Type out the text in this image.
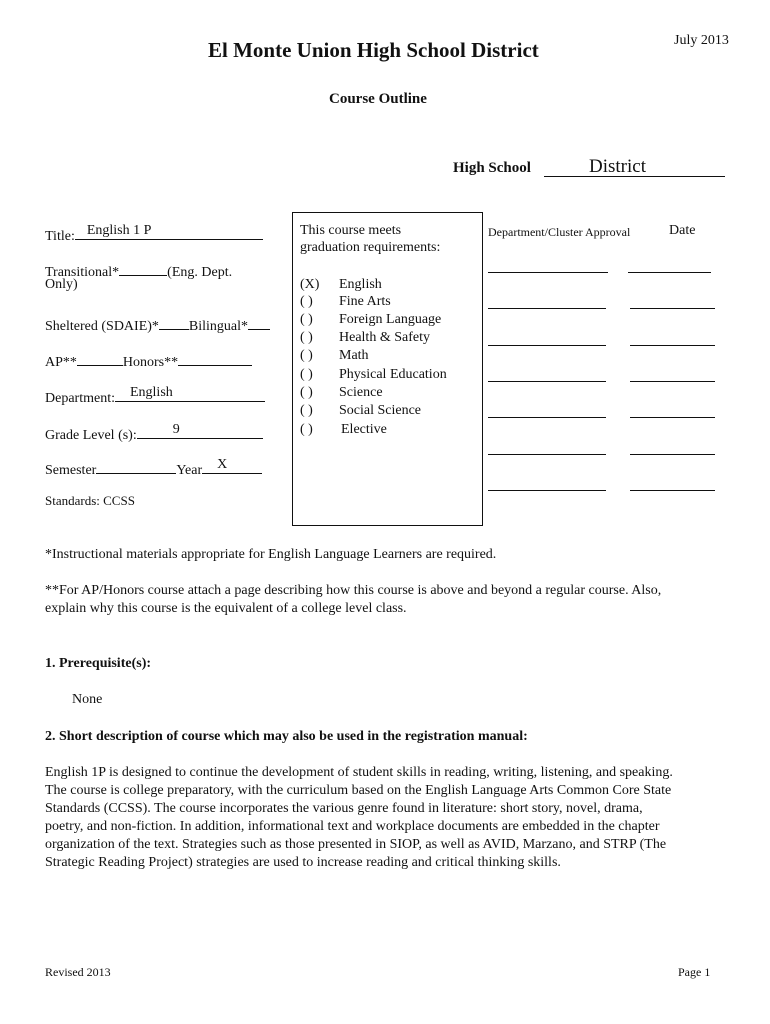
July 2013
El Monte Union High School District
Course Outline
High School	District
Title: English 1 P
Transitional*	(Eng. Dept.
Only)
Sheltered (SDAIE)* Bilingual*
AP**	Honors**
Department: English
Grade Level (s):	9
Semester	Year X
Standards: CCSS
This course meets
graduation requirements:
(X) English
( ) Fine Arts
( ) Foreign Language
( ) Health & Safety
( ) Math
( ) Physical Education
( ) Science
( ) Social Science
( ) Elective
Department/Cluster Approval	Date
*Instructional materials appropriate for English Language Learners are required.
**For AP/Honors course attach a page describing how this course is above and beyond a regular course. Also,
explain why this course is the equivalent of a college level class.
1. Prerequisite(s):
None
2. Short description of course which may also be used in the registration manual:
English 1P is designed to continue the development of student skills in reading, writing, listening, and speaking.
The course is college preparatory, with the curriculum based on the English Language Arts Common Core State
Standards (CCSS). The course incorporates the various genre found in literature: short story, novel, drama,
poetry, and non-fiction. In addition, informational text and workplace documents are embedded in the chapter
organization of the text. Strategies such as those presented in SIOP, as well as AVID, Marzano, and STRP (The
Strategic Reading Project) strategies are used to increase reading and critical thinking skills.
Revised 2013	Page 1
